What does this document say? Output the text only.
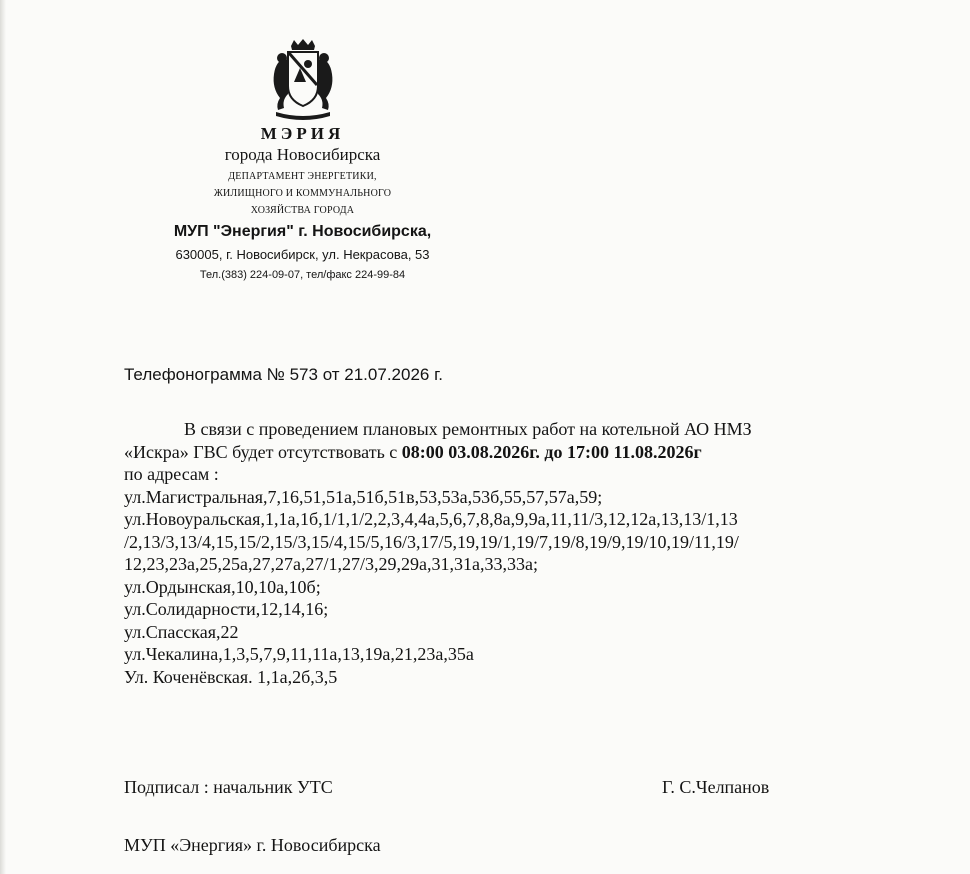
МЭРИЯ
города Новосибирска
ДЕПАРТАМЕНТ ЭНЕРГЕТИКИ,
ЖИЛИЩНОГО И КОММУНАЛЬНОГО
ХОЗЯЙСТВА ГОРОДА
МУП "Энергия" г. Новосибирска,
630005, г. Новосибирск, ул. Некрасова, 53
Тел.(383) 224-09-07, тел/факс 224-99-84
Телефонограмма № 573 от 21.07.2026 г.

В связи с проведением плановых ремонтных работ на котельной АО НМЗ

«Искра» ГВС будет отсутствовать с 08:00 03.08.2026г. до 17:00 11.08.2026г

по адресам :

ул.Магистральная,7,16,51,51а,51б,51в,53,53а,53б,55,57,57а,59;
ул.Новоуральская,1,1а,1б,1/1,1/2,2,3,4,4а,5,6,7,8,8а,9,9а,11,11/3,12,12а,13,13/1,13
/2,13/3,13/4,15,15/2,15/3,15/4,15/5,16/3,17/5,19,19/1,19/7,19/8,19/9,19/10,19/11,19/
12,23,23а,25,25а,27,27а,27/1,27/3,29,29а,31,31а,33,33а;
ул.Ордынская,10,10а,10б;
ул.Солидарности,12,14,16;
ул.Спасская,22
ул.Чекалина,1,3,5,7,9,11,11а,13,19а,21,23а,35а
Ул. Коченёвская. 1,1а,2б,3,5
Подписал : начальник УТС	Г. С.Челпанов
МУП «Энергия» г. Новосибирска
